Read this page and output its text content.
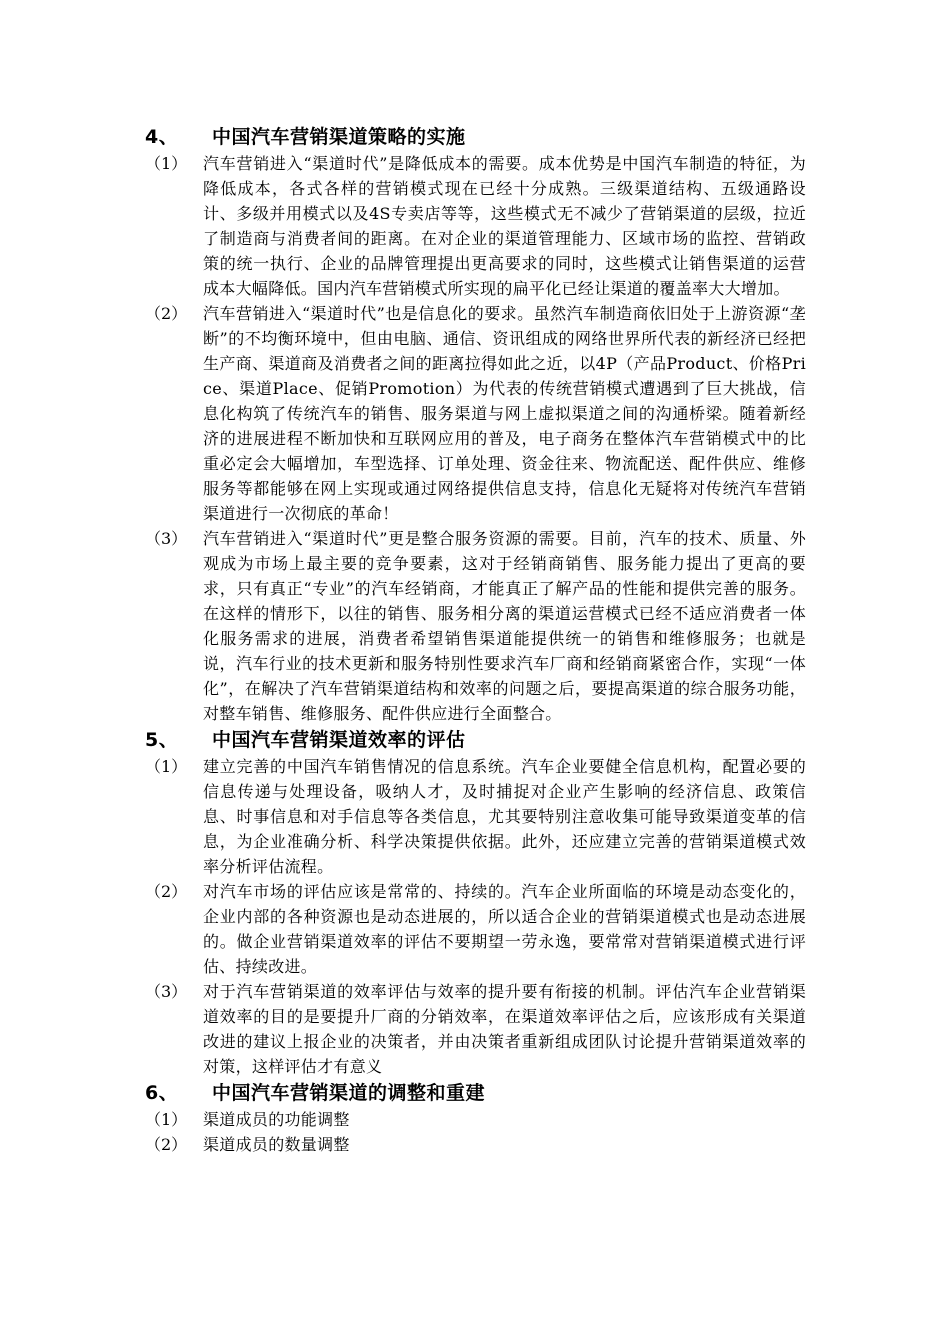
4、	中国汽车营销渠道策略的实施
（1） 汽车营销进入“渠道时代”是降低成本的需要。成本优势是中国汽车制造的特征，为降低成本，各式各样的营销模式现在已经十分成熟。三级渠道结构、五级通路设计、多级并用模式以及4S专卖店等等，这些模式无不减少了营销渠道的层级，拉近了制造商与消费者间的距离。在对企业的渠道管理能力、区域市场的监控、营销政策的统一执行、企业的品牌管理提出更高要求的同时，这些模式让销售渠道的运营成本大幅降低。国内汽车营销模式所实现的扁平化已经让渠道的覆盖率大大增加。
（2） 汽车营销进入“渠道时代”也是信息化的要求。虽然汽车制造商依旧处于上游资源“垄断”的不均衡环境中，但由电脑、通信、资讯组成的网络世界所代表的新经济已经把生产商、渠道商及消费者之间的距离拉得如此之近，以4P（产品Product、价格Price、渠道Place、促销Promotion）为代表的传统营销模式遭遇到了巨大挑战，信息化构筑了传统汽车的销售、服务渠道与网上虚拟渠道之间的沟通桥梁。随着新经济的进展进程不断加快和互联网应用的普及，电子商务在整体汽车营销模式中的比重必定会大幅增加，车型选择、订单处理、资金往来、物流配送、配件供应、维修服务等都能够在网上实现或通过网络提供信息支持，信息化无疑将对传统汽车营销渠道进行一次彻底的革命！
（3） 汽车营销进入“渠道时代”更是整合服务资源的需要。目前，汽车的技术、质量、外观成为市场上最主要的竞争要素，这对于经销商销售、服务能力提出了更高的要求，只有真正“专业”的汽车经销商，才能真正了解产品的性能和提供完善的服务。在这样的情形下，以往的销售、服务相分离的渠道运营模式已经不适应消费者一体化服务需求的进展，消费者希望销售渠道能提供统一的销售和维修服务；也就是说，汽车行业的技术更新和服务特别性要求汽车厂商和经销商紧密合作，实现“一体化”，在解决了汽车营销渠道结构和效率的问题之后，要提高渠道的综合服务功能，对整车销售、维修服务、配件供应进行全面整合。
5、	中国汽车营销渠道效率的评估
（1） 建立完善的中国汽车销售情况的信息系统。汽车企业要健全信息机构，配置必要的信息传递与处理设备，吸纳人才，及时捕捉对企业产生影响的经济信息、政策信息、时事信息和对手信息等各类信息，尤其要特别注意收集可能导致渠道变革的信息，为企业准确分析、科学决策提供依据。此外，还应建立完善的营销渠道模式效率分析评估流程。
（2） 对汽车市场的评估应该是常常的、持续的。汽车企业所面临的环境是动态变化的，企业内部的各种资源也是动态进展的，所以适合企业的营销渠道模式也是动态进展的。做企业营销渠道效率的评估不要期望一劳永逸，要常常对营销渠道模式进行评估、持续改进。
（3） 对于汽车营销渠道的效率评估与效率的提升要有衔接的机制。评估汽车企业营销渠道效率的目的是要提升厂商的分销效率，在渠道效率评估之后，应该形成有关渠道改进的建议上报企业的决策者，并由决策者重新组成团队讨论提升营销渠道效率的对策，这样评估才有意义
6、	中国汽车营销渠道的调整和重建
（1） 渠道成员的功能调整
（2） 渠道成员的数量调整
